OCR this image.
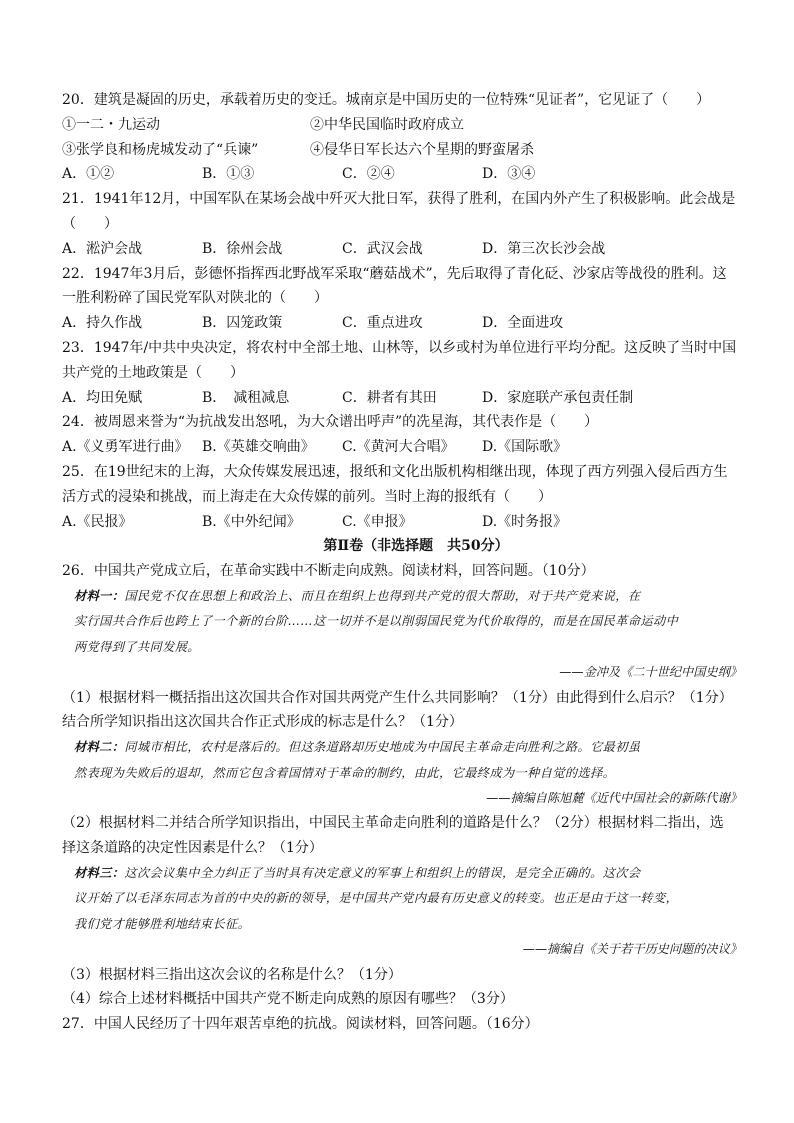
20．建筑是凝固的历史，承载着历史的变迁。城南京是中国历史的一位特殊“见证者”，它见证了（　　）
①一二・九运动	②中华民国临时政府成立
③张学良和杨虎城发动了“兵谏”	④侵华日军长达六个星期的野蛮屠杀
A．①②	B．①③	C．②④	D．③④
21．1941年12月，中国军队在某场会战中歼灭大批日军，获得了胜利，在国内外产生了积极影响。此会战是
（　　）
A．淞沪会战	B．徐州会战	C．武汉会战	D．第三次长沙会战
22．1947年3月后，彭德怀指挥西北野战军采取“蘑菇战术”，先后取得了青化砭、沙家店等战役的胜利。这
一胜利粉碎了国民党军队对陕北的（　　）
A．持久作战	B．囚笼政策	C．重点进攻	D．全面进攻
23．1947年/中共中央决定，将农村中全部土地、山林等，以乡或村为单位进行平均分配。这反映了当时中国
共产党的土地政策是（　　）
A．均田免赋	B．　减租减息	C．耕者有其田	D．家庭联产承包责任制
24．被周恩来誉为“为抗战发出怒吼，为大众谱出呼声”的冼星海，其代表作是（　　）
A.《义勇军进行曲》 B.《英雄交响曲》	C.《黄河大合唱》	D.《国际歌》
25．在19世纪末的上海，大众传媒发展迅速，报纸和文化出版机构相继出现，体现了西方列强入侵后西方生
活方式的浸染和挑战，而上海走在大众传媒的前列。当时上海的报纸有（　　）
A.《民报》	B.《中外纪闻》	C.《申报》	D.《时务报》
第Ⅱ卷（非选择题　共50分）
26．中国共产党成立后，在革命实践中不断走向成熟。阅读材料，回答问题。（10分）
材料一：国民党不仅在思想上和政治上、而且在组织上也得到共产党的很大帮助，对于共产党来说，在
实行国共合作后也跨上了一个新的台阶……这一切并不是以削弱国民党为代价取得的，而是在国民革命运动中
两党得到了共同发展。
——金冲及《二十世纪中国史纲》
（1）根据材料一概括指出这次国共合作对国共两党产生什么共同影响？（1分）由此得到什么启示？（1分）
结合所学知识指出这次国共合作正式形成的标志是什么？（1分）
材料二：同城市相比，农村是落后的。但这条道路却历史地成为中国民主革命走向胜利之路。它最初虽
然表现为失败后的退却，然而它包含着国情对于革命的制约，由此，它最终成为一种自觉的选择。
——摘编自陈旭麓《近代中国社会的新陈代谢》
（2）根据材料二并结合所学知识指出，中国民主革命走向胜利的道路是什么？（2分）根据材料二指出，选
择这条道路的决定性因素是什么？（1分）
材料三：这次会议集中全力纠正了当时具有决定意义的军事上和组织上的错误，是完全正确的。这次会
议开始了以毛泽东同志为首的中央的新的领导，是中国共产党内最有历史意义的转变。也正是由于这一转变，
我们党才能够胜利地结束长征。
——摘编自《关于若干历史问题的决议》
（3）根据材料三指出这次会议的名称是什么？（1分）
（4）综合上述材料概括中国共产党不断走向成熟的原因有哪些？（3分）
27．中国人民经历了十四年艰苦卓绝的抗战。阅读材料，回答问题。（16分）
